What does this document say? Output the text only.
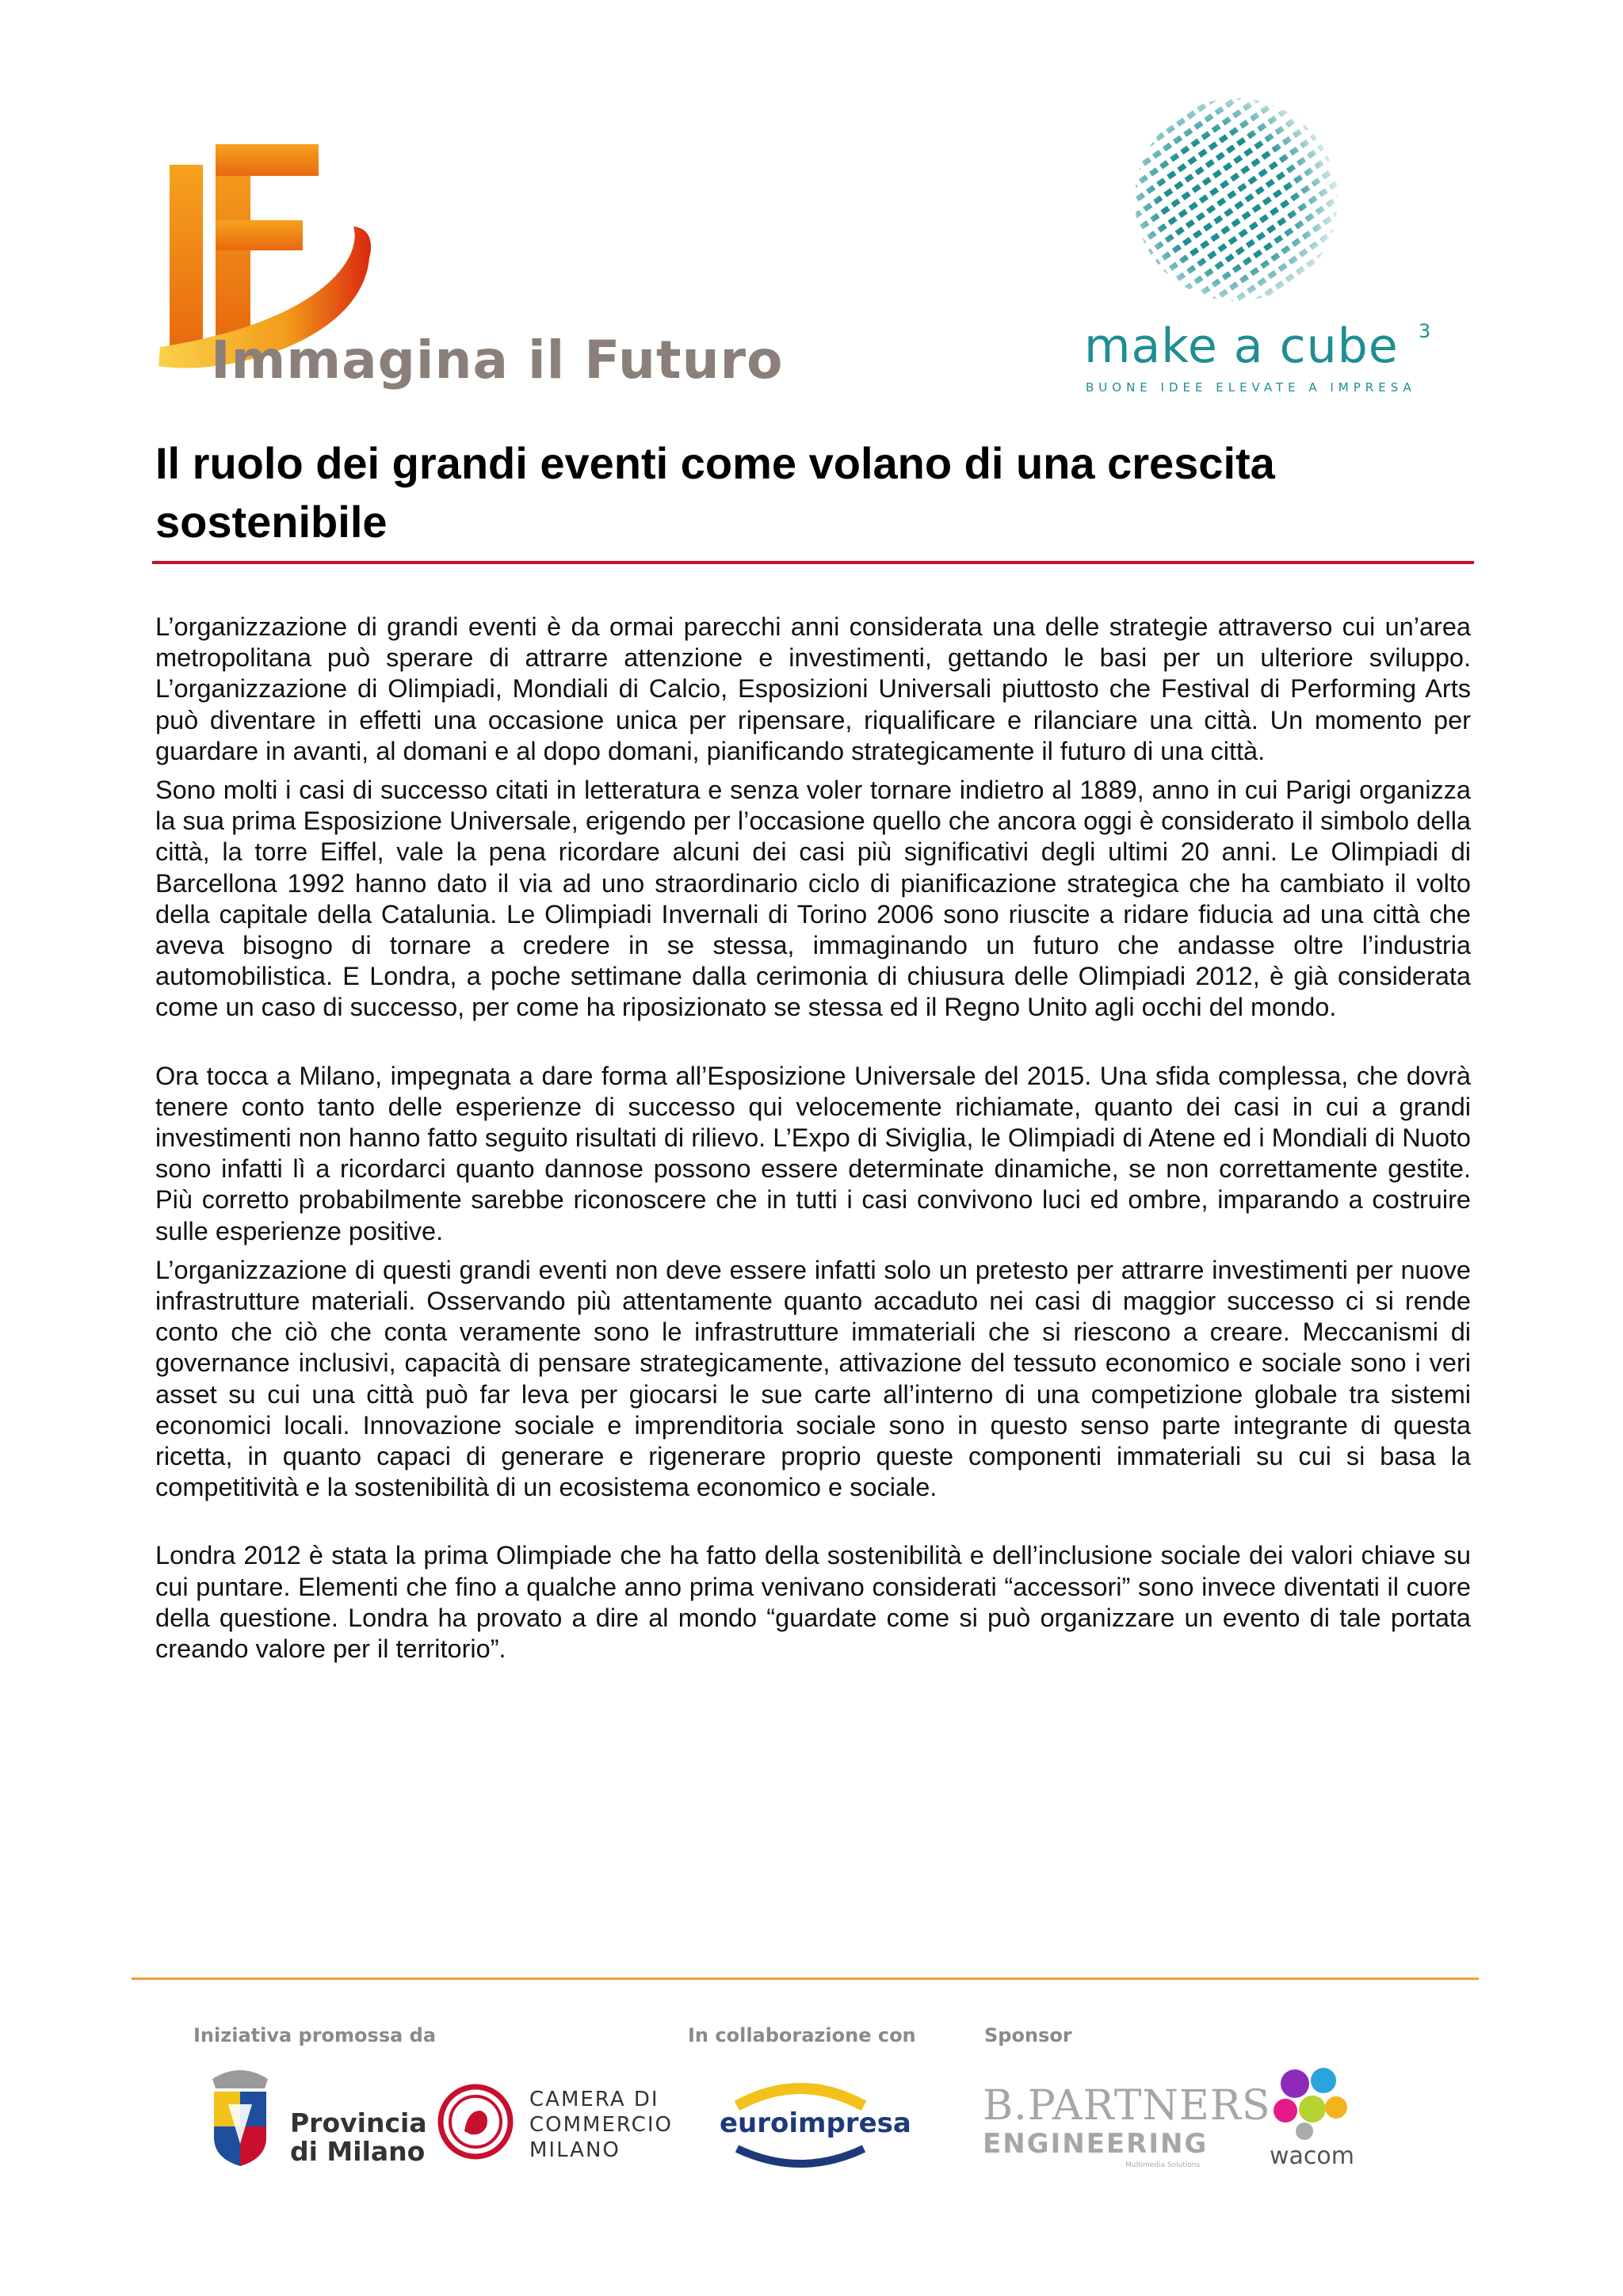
Immagina il Futuro	make a cube 3
BUONE IDEE ELEVATE A IMPRESA
Il ruolo dei grandi eventi come volano di una crescita sostenibile

L’organizzazione di grandi eventi è da ormai parecchi anni considerata una delle strategie attraverso cui un’area metropolitana può sperare di attrarre attenzione e investimenti, gettando le basi per un ulteriore sviluppo. L’organizzazione di Olimpiadi, Mondiali di Calcio, Esposizioni Universali piuttosto che Festival di Performing Arts può diventare in effetti una occasione unica per ripensare, riqualificare e rilanciare una città. Un momento per guardare in avanti, al domani e al dopo domani, pianificando strategicamente il futuro di una città.

Sono molti i casi di successo citati in letteratura e senza voler tornare indietro al 1889, anno in cui Parigi organizza la sua prima Esposizione Universale, erigendo per l’occasione quello che ancora oggi è considerato il simbolo della città, la torre Eiffel, vale la pena ricordare alcuni dei casi più significativi degli ultimi 20 anni. Le Olimpiadi di Barcellona 1992 hanno dato il via ad uno straordinario ciclo di pianificazione strategica che ha cambiato il volto della capitale della Catalunia. Le Olimpiadi Invernali di Torino 2006 sono riuscite a ridare fiducia ad una città che aveva bisogno di tornare a credere in se stessa, immaginando un futuro che andasse oltre l’industria automobilistica. E Londra, a poche settimane dalla cerimonia di chiusura delle Olimpiadi 2012, è già considerata come un caso di successo, per come ha riposizionato se stessa ed il Regno Unito agli occhi del mondo.

Ora tocca a Milano, impegnata a dare forma all’Esposizione Universale del 2015. Una sfida complessa, che dovrà tenere conto tanto delle esperienze di successo qui velocemente richiamate, quanto dei casi in cui a grandi investimenti non hanno fatto seguito risultati di rilievo. L’Expo di Siviglia, le Olimpiadi di Atene ed i Mondiali di Nuoto sono infatti lì a ricordarci quanto dannose possono essere determinate dinamiche, se non correttamente gestite. Più corretto probabilmente sarebbe riconoscere che in tutti i casi convivono luci ed ombre, imparando a costruire sulle esperienze positive.

L’organizzazione di questi grandi eventi non deve essere infatti solo un pretesto per attrarre investimenti per nuove infrastrutture materiali. Osservando più attentamente quanto accaduto nei casi di maggior successo ci si rende conto che ciò che conta veramente sono le infrastrutture immateriali che si riescono a creare. Meccanismi di governance inclusivi, capacità di pensare strategicamente, attivazione del tessuto economico e sociale sono i veri asset su cui una città può far leva per giocarsi le sue carte all’interno di una competizione globale tra sistemi economici locali. Innovazione sociale e imprenditoria sociale sono in questo senso parte integrante di questa ricetta, in quanto capaci di generare e rigenerare proprio queste componenti immateriali su cui si basa la competitività e la sostenibilità di un ecosistema economico e sociale.

Londra 2012 è stata la prima Olimpiade che ha fatto della sostenibilità e dell’inclusione sociale dei valori chiave su cui puntare. Elementi che fino a qualche anno prima venivano considerati “accessori” sono invece diventati il cuore della questione. Londra ha provato a dire al mondo “guardate come si può organizzare un evento di tale portata creando valore per il territorio”.

Iniziativa promossa da	In collaborazione con	Sponsor
Provincia
di Milano
CAMERA DI
COMMERCIO
MILANO
euroimpresa B.PARTNERS
ENGINEERING
Multimedia Solutions	wacom
